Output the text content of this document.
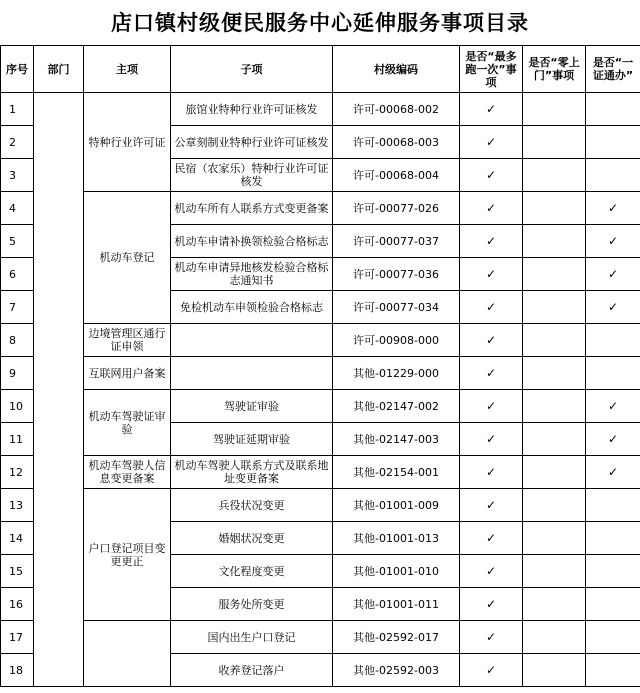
店口镇村级便民服务中心延伸服务事项目录
序号	部门	主项	子项	村级编码	是否“最多跑一次”事项	是否“零上门”事项	是否“一证通办”
1		特种行业许可证	旅馆业特种行业许可证核发	许可-00068-002	✓		
2			公章刻制业特种行业许可证核发	许可-00068-003	✓		
3			民宿（农家乐）特种行业许可证核发	许可-00068-004	✓		
4		机动车登记	机动车所有人联系方式变更备案	许可-00077-026	✓		✓
5			机动车申请补换领检验合格标志	许可-00077-037	✓		✓
6			机动车申请异地核发检验合格标志通知书	许可-00077-036	✓		✓
7			免检机动车申领检验合格标志	许可-00077-034	✓		✓
8		边境管理区通行证申领		许可-00908-000	✓		
9		互联网用户备案		其他-01229-000	✓		
10		机动车驾驶证审验	驾驶证审验	其他-02147-002	✓		✓
11			驾驶证延期审验	其他-02147-003	✓		✓
12		机动车驾驶人信息变更备案	机动车驾驶人联系方式及联系地址变更备案	其他-02154-001	✓		✓
13		户口登记项目变更更正	兵役状况变更	其他-01001-009	✓		
14			婚姻状况变更	其他-01001-013	✓		
15			文化程度变更	其他-01001-010	✓		
16			服务处所变更	其他-01001-011	✓		
17			国内出生户口登记	其他-02592-017	✓		
18			收养登记落户	其他-02592-003	✓		
